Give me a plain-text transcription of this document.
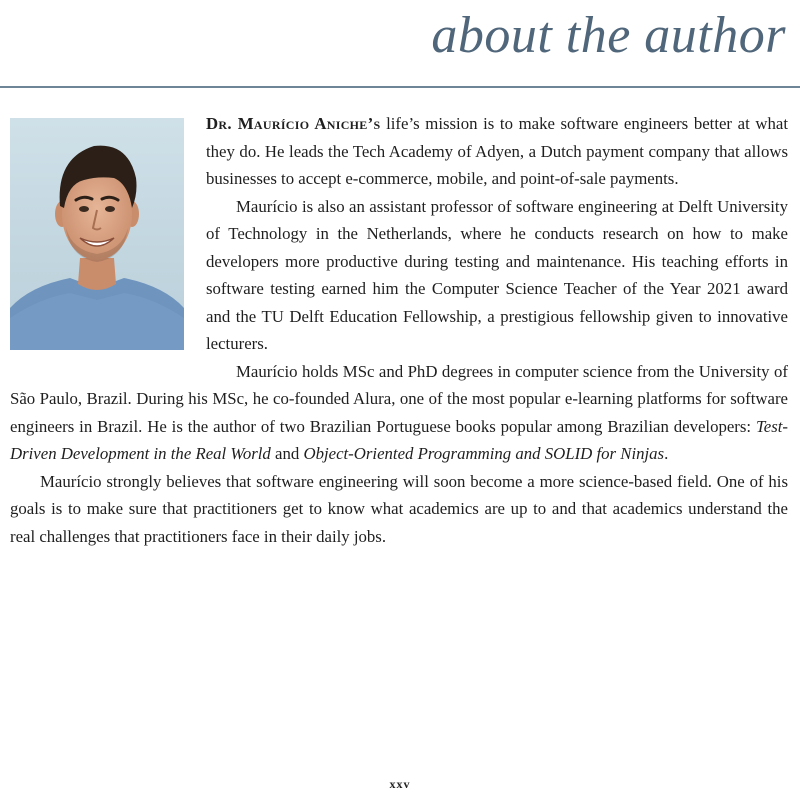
about the author

Dr. Maurício Aniche’s life’s mission is to make software engineers better at what they do. He leads the Tech Academy of Adyen, a Dutch payment company that allows businesses to accept e-commerce, mobile, and point-of-sale payments.

Maurício is also an assistant professor of software engineering at Delft University of Technology in the Netherlands, where he conducts research on how to make developers more productive during testing and maintenance. His teaching efforts in software testing earned him the Computer Science Teacher of the Year 2021 award and the TU Delft Education Fellowship, a prestigious fellowship given to innovative lecturers.

Maurício holds MSc and PhD degrees in computer science from the University of São Paulo, Brazil. During his MSc, he co-founded Alura, one of the most popular e-learning platforms for software engineers in Brazil. He is the author of two Brazilian Portuguese books popular among Brazilian developers: Test-Driven Development in the Real World and Object-Oriented Programming and SOLID for Ninjas.

Maurício strongly believes that software engineering will soon become a more science-based field. One of his goals is to make sure that practitioners get to know what academics are up to and that academics understand the real challenges that practitioners face in their daily jobs.

xxv
